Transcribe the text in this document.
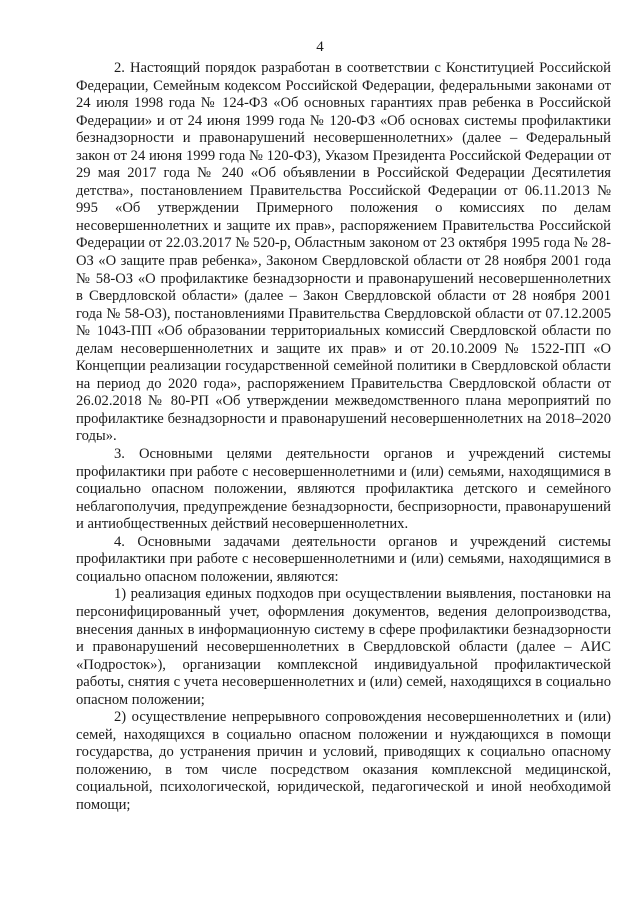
4

2. Настоящий порядок разработан в соответствии с Конституцией Российской Федерации, Семейным кодексом Российской Федерации, федеральными законами от 24 июля 1998 года № 124-ФЗ «Об основных гарантиях прав ребенка в Российской Федерации» и от 24 июня 1999 года № 120-ФЗ «Об основах системы профилактики безнадзорности и правонарушений несовершеннолетних» (далее – Федеральный закон от 24 июня 1999 года № 120-ФЗ), Указом Президента Российской Федерации от 29 мая 2017 года № 240 «Об объявлении в Российской Федерации Десятилетия детства», постановлением Правительства Российской Федерации от 06.11.2013 № 995 «Об утверждении Примерного положения о комиссиях по делам несовершеннолетних и защите их прав», распоряжением Правительства Российской Федерации от 22.03.2017 № 520-р, Областным законом от 23 октября 1995 года № 28-ОЗ «О защите прав ребенка», Законом Свердловской области от 28 ноября 2001 года № 58-ОЗ «О профилактике безнадзорности и правонарушений несовершеннолетних в Свердловской области» (далее – Закон Свердловской области от 28 ноября 2001 года № 58-ОЗ), постановлениями Правительства Свердловской области от 07.12.2005 № 1043-ПП «Об образовании территориальных комиссий Свердловской области по делам несовершеннолетних и защите их прав» и от 20.10.2009 № 1522-ПП «О Концепции реализации государственной семейной политики в Свердловской области на период до 2020 года», распоряжением Правительства Свердловской области от 26.02.2018 № 80-РП «Об утверждении межведомственного плана мероприятий по профилактике безнадзорности и правонарушений несовершеннолетних на 2018–2020 годы».

3. Основными целями деятельности органов и учреждений системы профилактики при работе с несовершеннолетними и (или) семьями, находящимися в социально опасном положении, являются профилактика детского и семейного неблагополучия, предупреждение безнадзорности, беспризорности, правонарушений и антиобщественных действий несовершеннолетних.

4. Основными задачами деятельности органов и учреждений системы профилактики при работе с несовершеннолетними и (или) семьями, находящимися в социально опасном положении, являются:

1) реализация единых подходов при осуществлении выявления, постановки на персонифицированный учет, оформления документов, ведения делопроизводства, внесения данных в информационную систему в сфере профилактики безнадзорности и правонарушений несовершеннолетних в Свердловской области (далее – АИС «Подросток»), организации комплексной индивидуальной профилактической работы, снятия с учета несовершеннолетних и (или) семей, находящихся в социально опасном положении;

2) осуществление непрерывного сопровождения несовершеннолетних и (или) семей, находящихся в социально опасном положении и нуждающихся в помощи государства, до устранения причин и условий, приводящих к социально опасному положению, в том числе посредством оказания комплексной медицинской, социальной, психологической, юридической, педагогической и иной необходимой помощи;
